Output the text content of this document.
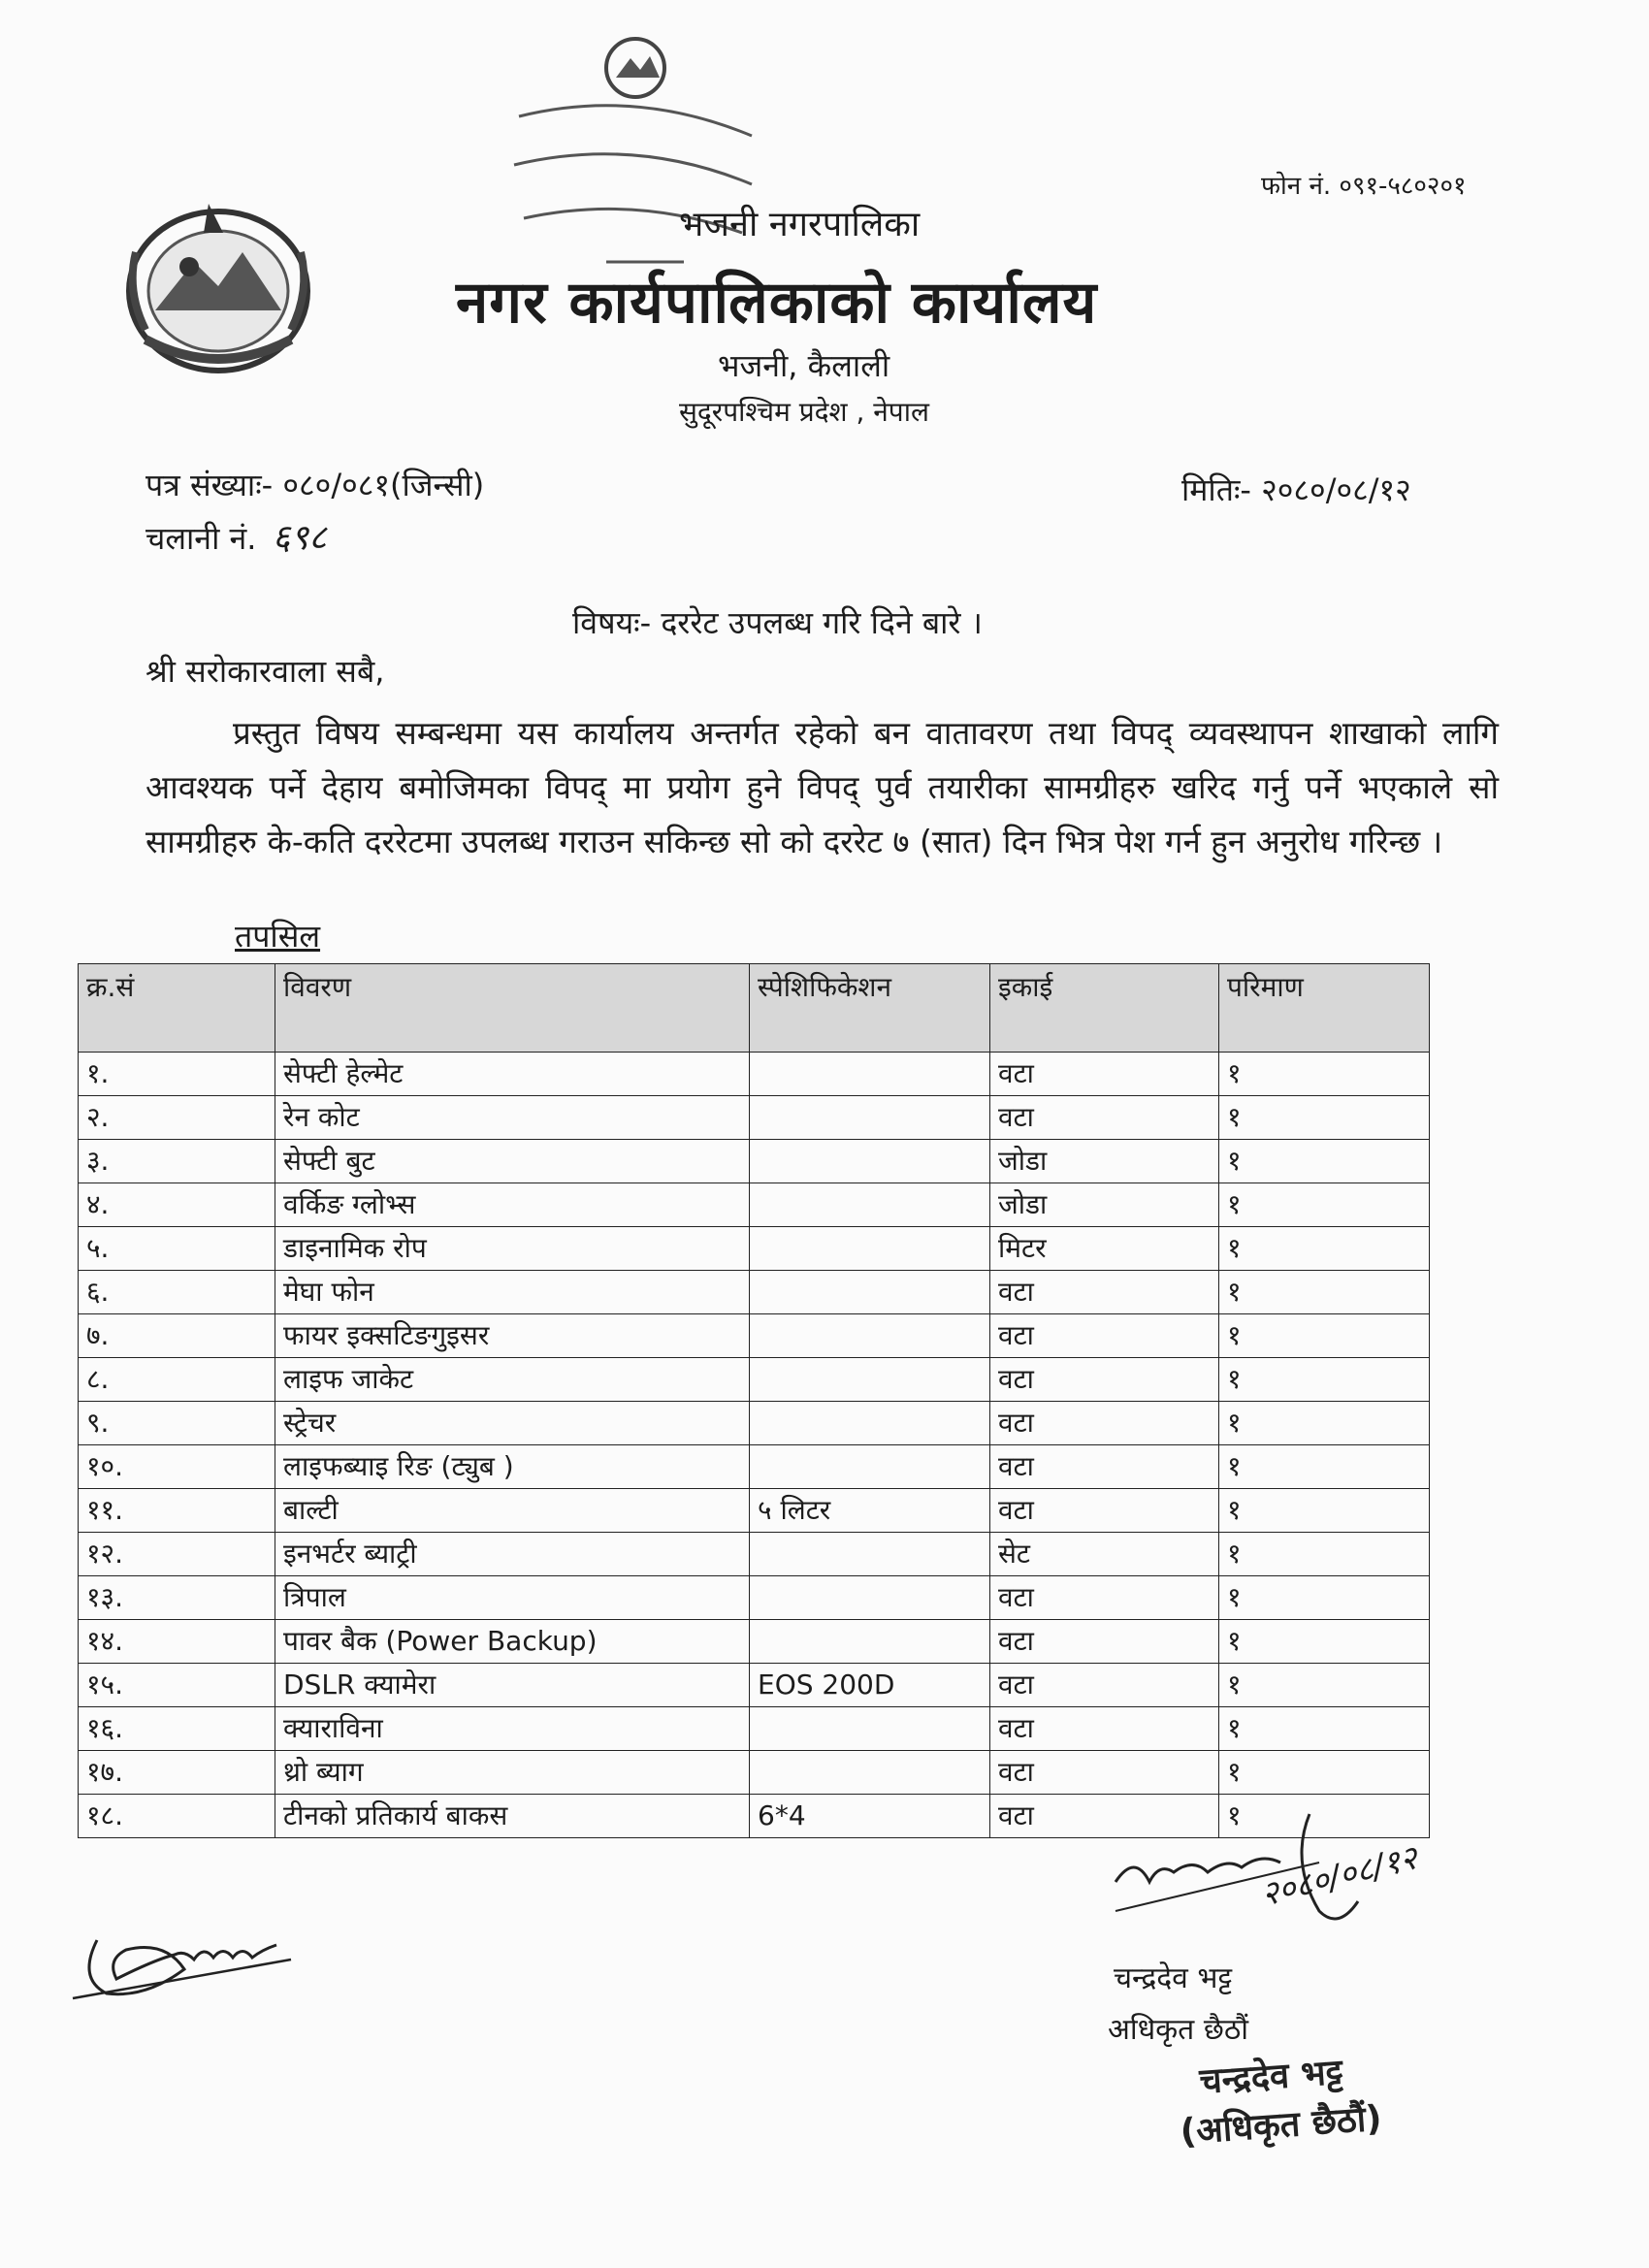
फोन नं. ०९१-५८०२०१
भजनी नगरपालिका
नगर कार्यपालिकाको कार्यालय
भजनी, कैलाली
सुदूरपश्चिम प्रदेश , नेपाल
पत्र संख्याः- ०८०/०८१(जिन्सी)
चलानी नं. ६९८
मितिः- २०८०/०८/१२
विषयः- दररेट उपलब्ध गरि दिने बारे ।
श्री सरोकारवाला सबै,
प्रस्तुत विषय सम्बन्धमा यस कार्यालय अन्तर्गत रहेको बन वातावरण तथा विपद् व्यवस्थापन शाखाको लागि आवश्यक पर्ने देहाय बमोजिमका विपद् मा प्रयोग हुने विपद् पुर्व तयारीका सामग्रीहरु खरिद गर्नु पर्ने भएकाले सो सामग्रीहरु के-कति दररेटमा उपलब्ध गराउन सकिन्छ सो को दररेट ७ (सात) दिन भित्र पेश गर्न हुन अनुरोध गरिन्छ ।
तपसिल
क्र.सं	विवरण	स्पेशिफिकेशन	इकाई	परिमाण
१.	सेफ्टी हेल्मेट		वटा	१
२.	रेन कोट		वटा	१
३.	सेफ्टी बुट		जोडा	१
४.	वर्किङ ग्लोभ्स		जोडा	१
५.	डाइनामिक रोप		मिटर	१
६.	मेघा फोन		वटा	१
७.	फायर इक्सटिङगुइसर		वटा	१
८.	लाइफ जाकेट		वटा	१
९.	स्ट्रेचर		वटा	१
१०.	लाइफब्याइ रिङ (ट्युब )		वटा	१
११.	बाल्टी	५ लिटर	वटा	१
१२.	इनभर्टर ब्याट्री		सेट	१
१३.	त्रिपाल		वटा	१
१४.	पावर बैक (Power Backup)		वटा	१
१५.	DSLR क्यामेरा	EOS 200D	वटा	१
१६.	क्याराविना		वटा	१
१७.	थ्रो ब्याग		वटा	१
१८.	टीनको प्रतिकार्य बाकस	6*4	वटा	१
२०८०/०८/१२
चन्द्रदेव भट्ट
अधिकृत छैठौं
चन्द्रदेव भट्ट
(अधिकृत छैठौं)
